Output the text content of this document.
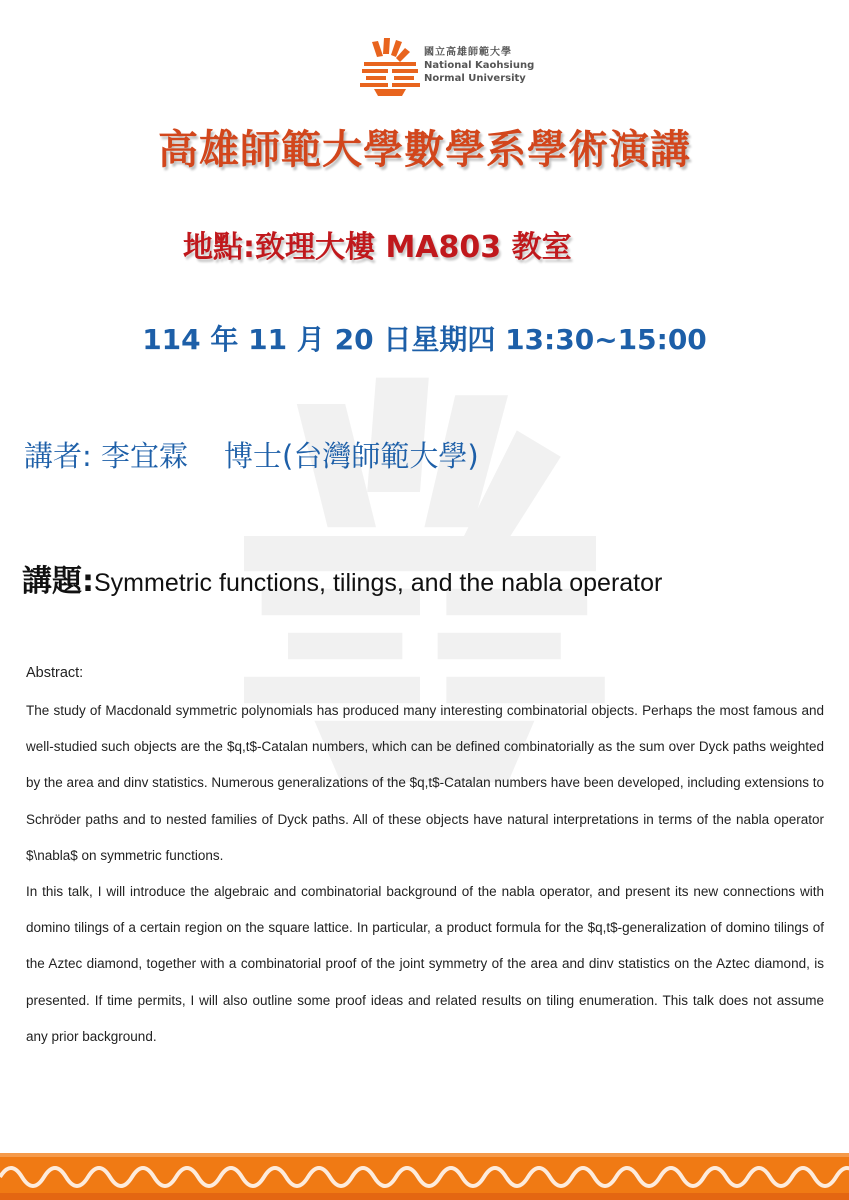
國立高雄師範大學
National Kaohsiung
Normal University
高雄師範大學數學系學術演講
地點:致理大樓 MA803 教室
114 年 11 月 20 日星期四 13:30~15:00
講者: 李宜霖 博士(台灣師範大學)
講題:Symmetric functions, tilings, and the nabla operator
Abstract:

The study of Macdonald symmetric polynomials has produced many interesting combinatorial objects. Perhaps the most famous and well-studied such objects are the $q,t$-Catalan numbers, which can be defined combinatorially as the sum over Dyck paths weighted by the area and dinv statistics. Numerous generalizations of the $q,t$-Catalan numbers have been developed, including extensions to Schröder paths and to nested families of Dyck paths. All of these objects have natural interpretations in terms of the nabla operator $\nabla$ on symmetric functions.

In this talk, I will introduce the algebraic and combinatorial background of the nabla operator, and present its new connections with domino tilings of a certain region on the square lattice. In particular, a product formula for the $q,t$-generalization of domino tilings of the Aztec diamond, together with a combinatorial proof of the joint symmetry of the area and dinv statistics on the Aztec diamond, is presented. If time permits, I will also outline some proof ideas and related results on tiling enumeration. This talk does not assume any prior background.
